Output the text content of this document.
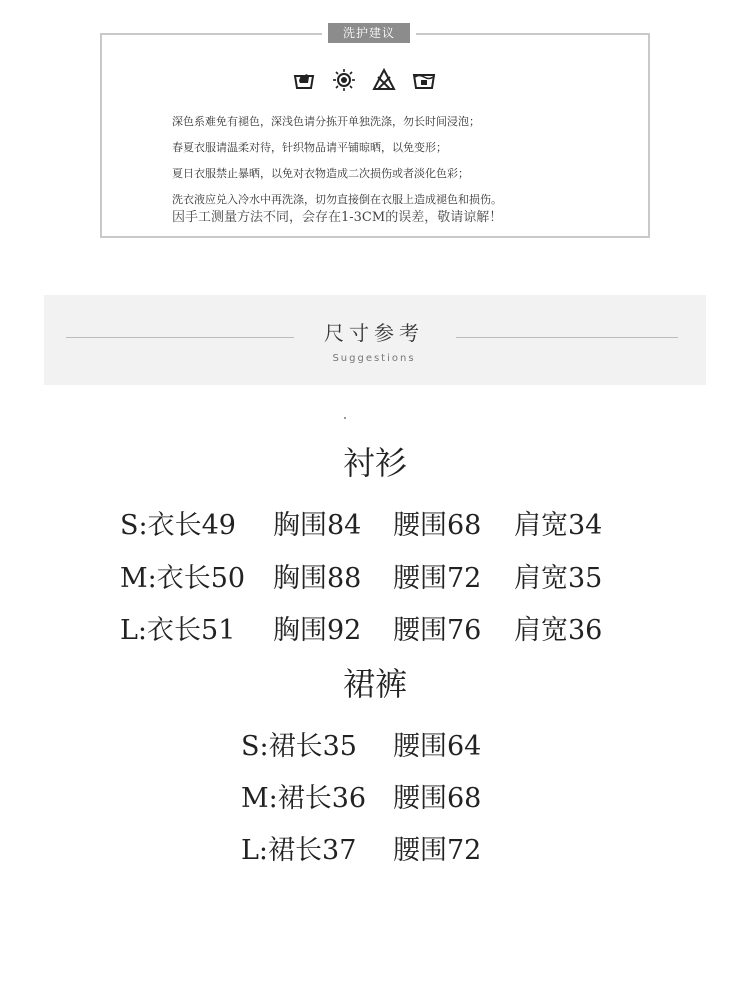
洗护建议
深色系难免有褪色，深浅色请分拣开单独洗涤，勿长时间浸泡；
春夏衣服请温柔对待，针织物品请平铺晾晒，以免变形；
夏日衣服禁止暴晒，以免对衣物造成二次损伤或者淡化色彩；
洗衣液应兑入冷水中再洗涤，切勿直接倒在衣服上造成褪色和损伤。
因手工测量方法不同，会存在1-3CM的误差，敬请谅解！
尺寸参考
Suggestions
衬衫
S:衣长49 胸围84 腰围68 肩宽34
M:衣长50 胸围88 腰围72 肩宽35
L:衣长51 胸围92 腰围76 肩宽36
裙裤
S:裙长35 腰围64
M:裙长36 腰围68
L:裙长37 腰围72
